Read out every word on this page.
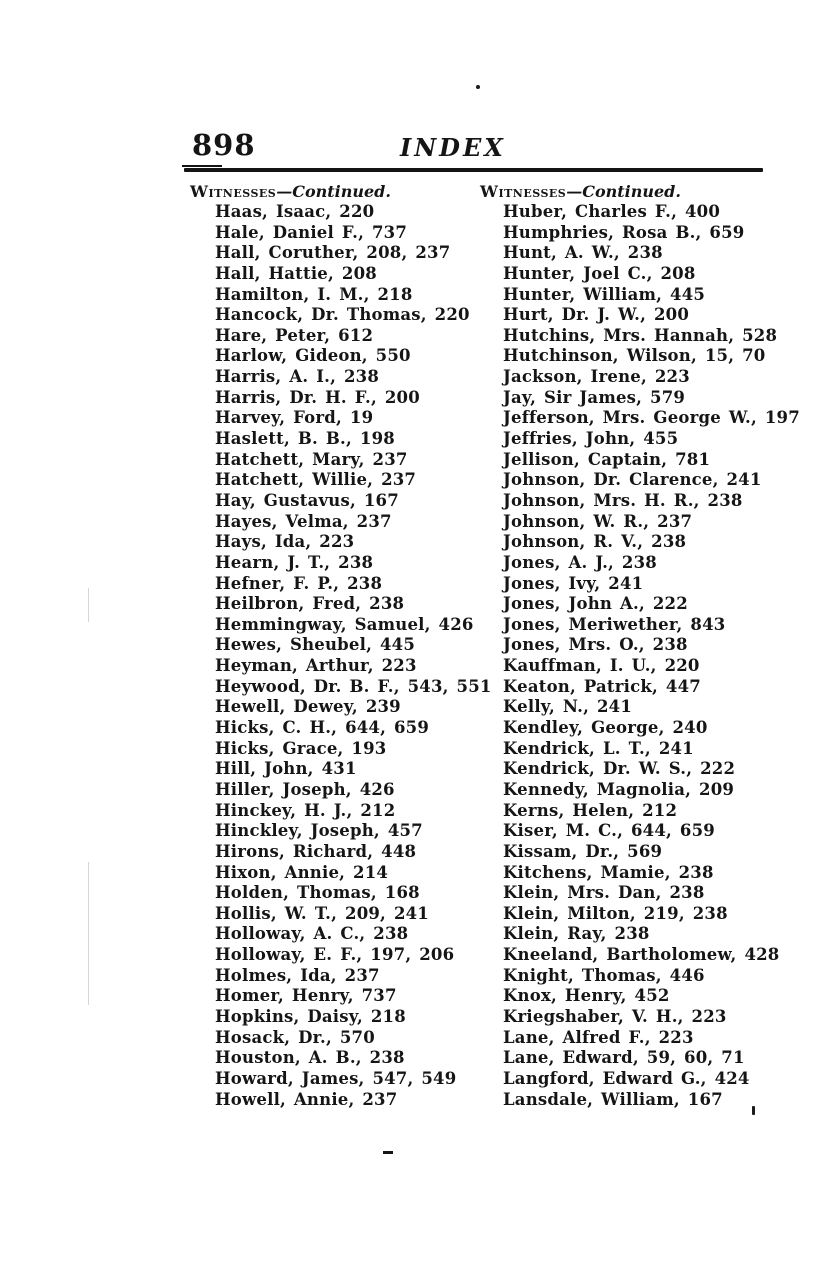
898	INDEX
Witnesses—Continued.	Witnesses—Continued.
Haas, Isaac, 220
Hale, Daniel F., 737
Hall, Coruther, 208, 237
Hall, Hattie, 208
Hamilton, I. M., 218
Hancock, Dr. Thomas, 220
Hare, Peter, 612
Harlow, Gideon, 550
Harris, A. I., 238
Harris, Dr. H. F., 200
Harvey, Ford, 19
Haslett, B. B., 198
Hatchett, Mary, 237
Hatchett, Willie, 237
Hay, Gustavus, 167
Hayes, Velma, 237
Hays, Ida, 223
Hearn, J. T., 238
Hefner, F. P., 238
Heilbron, Fred, 238
Hemmingway, Samuel, 426
Hewes, Sheubel, 445
Heyman, Arthur, 223
Heywood, Dr. B. F., 543, 551
Hewell, Dewey, 239
Hicks, C. H., 644, 659
Hicks, Grace, 193
Hill, John, 431
Hiller, Joseph, 426
Hinckey, H. J., 212
Hinckley, Joseph, 457
Hirons, Richard, 448
Hixon, Annie, 214
Holden, Thomas, 168
Hollis, W. T., 209, 241
Holloway, A. C., 238
Holloway, E. F., 197, 206
Holmes, Ida, 237
Homer, Henry, 737
Hopkins, Daisy, 218
Hosack, Dr., 570
Houston, A. B., 238
Howard, James, 547, 549
Howell, Annie, 237
Huber, Charles F., 400
Humphries, Rosa B., 659
Hunt, A. W., 238
Hunter, Joel C., 208
Hunter, William, 445
Hurt, Dr. J. W., 200
Hutchins, Mrs. Hannah, 528
Hutchinson, Wilson, 15, 70
Jackson, Irene, 223
Jay, Sir James, 579
Jefferson, Mrs. George W., 197
Jeffries, John, 455
Jellison, Captain, 781
Johnson, Dr. Clarence, 241
Johnson, Mrs. H. R., 238
Johnson, W. R., 237
Johnson, R. V., 238
Jones, A. J., 238
Jones, Ivy, 241
Jones, John A., 222
Jones, Meriwether, 843
Jones, Mrs. O., 238
Kauffman, I. U., 220
Keaton, Patrick, 447
Kelly, N., 241
Kendley, George, 240
Kendrick, L. T., 241
Kendrick, Dr. W. S., 222
Kennedy, Magnolia, 209
Kerns, Helen, 212
Kiser, M. C., 644, 659
Kissam, Dr., 569
Kitchens, Mamie, 238
Klein, Mrs. Dan, 238
Klein, Milton, 219, 238
Klein, Ray, 238
Kneeland, Bartholomew, 428
Knight, Thomas, 446
Knox, Henry, 452
Kriegshaber, V. H., 223
Lane, Alfred F., 223
Lane, Edward, 59, 60, 71
Langford, Edward G., 424
Lansdale, William, 167
